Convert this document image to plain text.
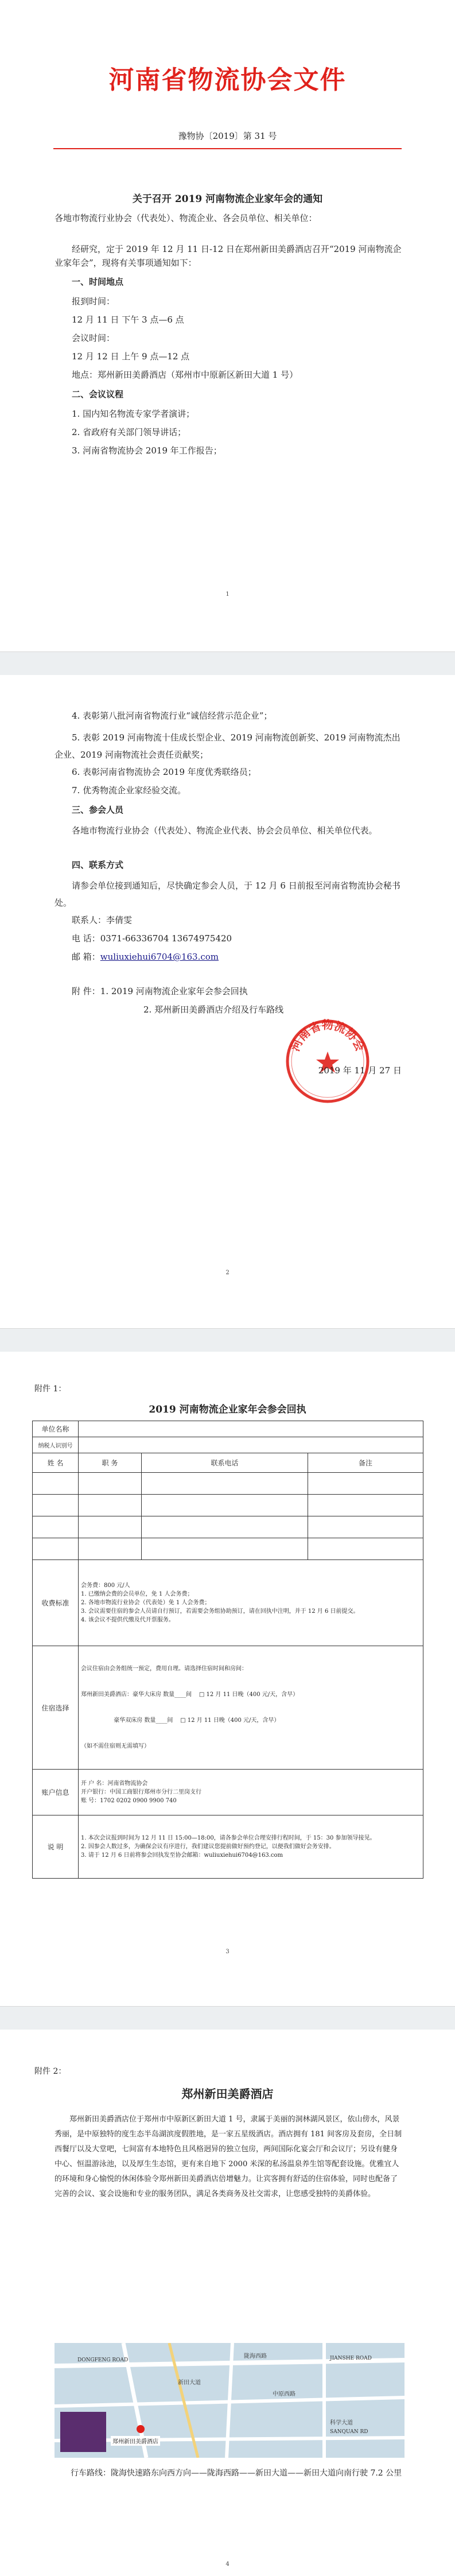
河南省物流协会文件
豫物协〔2019〕第 31 号
关于召开 2019 河南物流企业家年会的通知

各地市物流行业协会（代表处）、物流企业、各会员单位、相关单位：

经研究，定于 2019 年 12 月 11 日-12 日在郑州新田美爵酒店召开“2019 河南物流企业家年会”，现将有关事项通知如下：

一、时间地点

报到时间：

12 月 11 日 下午 3 点—6 点

会议时间：

12 月 12 日 上午 9 点—12 点

地点：郑州新田美爵酒店（郑州市中原新区新田大道 1 号）

二、会议议程

1. 国内知名物流专家学者演讲；

2. 省政府有关部门领导讲话；

3. 河南省物流协会 2019 年工作报告；

1

4. 表彰第八批河南省物流行业“诚信经营示范企业”；

5. 表彰 2019 河南物流十佳成长型企业、2019 河南物流创新奖、2019 河南物流杰出企业、2019 河南物流社会责任贡献奖；

6. 表彰河南省物流协会 2019 年度优秀联络员；

7. 优秀物流企业家经验交流。

三、参会人员

各地市物流行业协会（代表处）、物流企业代表、协会会员单位、相关单位代表。

四、联系方式

请参会单位接到通知后，尽快确定参会人员，于 12 月 6 日前报至河南省物流协会秘书处。

联系人：李倩雯

电 话：0371-66336704 13674975420

邮 箱：wuliuxiehui6704@163.com

附 件：1. 2019 河南物流企业家年会参会回执

2. 郑州新田美爵酒店介绍及行车路线

河南省物流协会

2019 年 11 月 27 日

2
附件 1：
2019 河南物流企业家年会参会回执
单位名称			
纳税人识别号			
姓 名	职 务	联系电话	备注

收费标准	会务费：800 元/人
1. 已缴纳会费的会员单位，免 1 人会务费；
2. 各地市物流行业协会（代表处）免 1 人会务费；
3. 会议需要住宿的参会人员请自行预订，若需要会务组协助预订，请在回执中注明，并于 12 月 6 日前提交。
4. 该会议不提供代缴及代开票服务。		

住宿选择	会议住宿由会务组统一预定，费用自理。请选择住宿时间和房间：

郑州新田美爵酒店：豪华大床房 数量____间    □ 12 月 11 日晚（400 元/天，含早）

豪华双床房 数量____间    □ 12 月 11 日晚（400 元/天，含早）

（如不需住宿则无需填写）		

账户信息	开 户 名：河南省物流协会
开户银行：中国工商银行郑州市分行二里岗支行
账 号：1702 0202 0900 9900 740		

说 明	1. 本次会议报到时间为 12 月 11 日 15:00—18:00，请各参会单位合理安排行程时间，于 15：30 参加领导接见。
2. 因参会人数过多，为确保会议有序进行，我们建议您提前做好预约登记，以便我们做好会务安排。
3. 请于 12 月 6 日前将参会回执发至协会邮箱：wuliuxiehui6704@163.com		
3
附件 2：
郑州新田美爵酒店

郑州新田美爵酒店位于郑州市中原新区新田大道 1 号，隶属于美丽的洞林湖风景区，依山傍水，风景秀丽，是中原独特的度生态半岛湖滨度假胜地，是一家五星级酒店。酒店拥有 181 间客房及套房，全日制西餐厅以及大堂吧，七间富有本地特色且风格迥异的独立包房，两间国际化宴会厅和会议厅；另设有健身中心、恒温游泳池，以及厚生生态馆，更有来自地下 2000 米深的私汤温泉养生馆等配套设施。优雅宜人的环境和身心愉悦的休闲体验令郑州新田美爵酒店倍增魅力。让宾客拥有舒适的住宿体验，同时也配备了完善的会议、宴会设施和专业的服务团队，满足各类商务及社交需求，让您感受独特的美爵体验。

陇海西路
新田大道
中原西路
科学大道
郑州新田美爵酒店
JIANSHE ROAD
DONGFENG ROAD
SANQUAN RD

行车路线：陇海快速路东向西方向——陇海西路——新田大道——新田大道向南行驶 7.2 公里

4
